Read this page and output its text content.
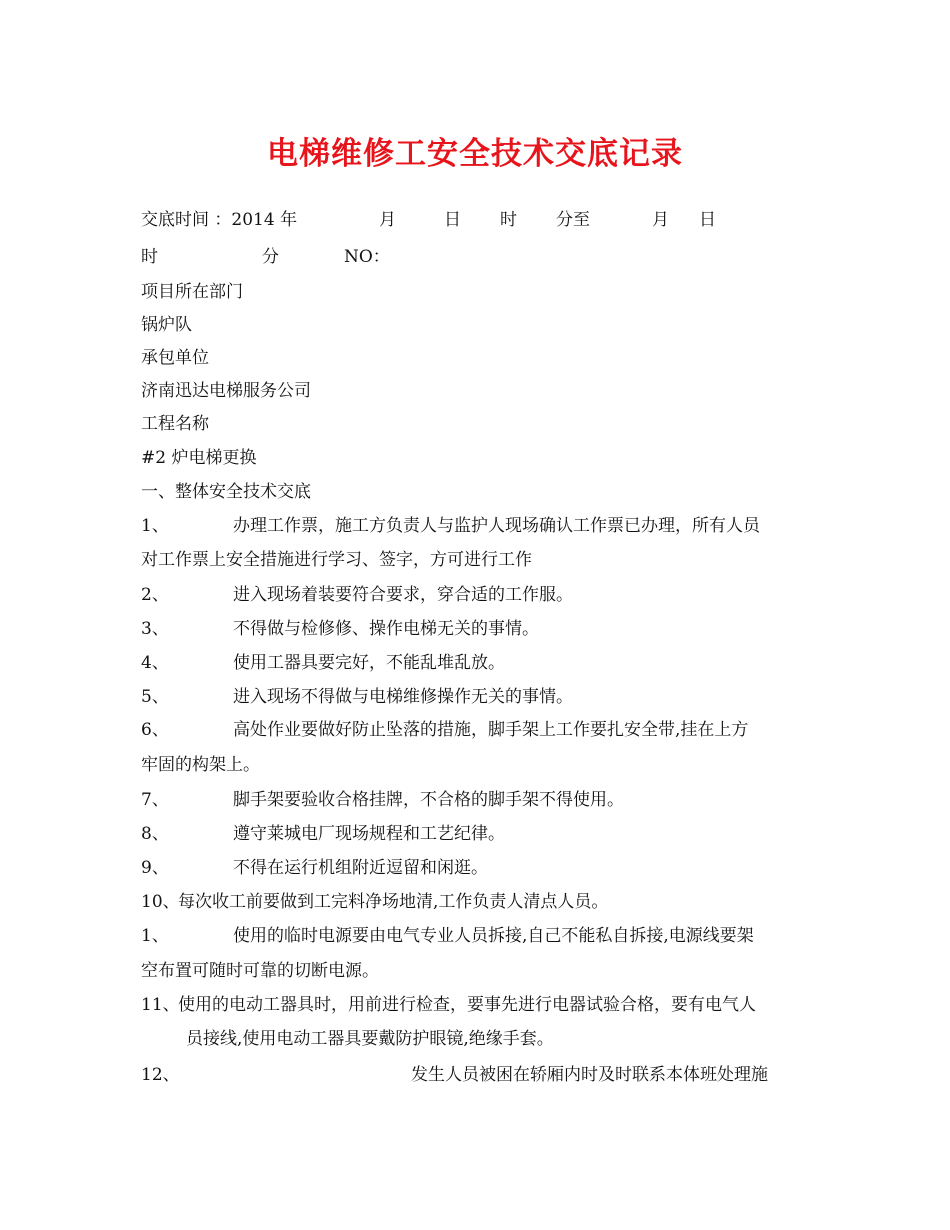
电梯维修工安全技术交底记录
交底时间 ：2014 年	月	日 时 分至	月 日
时	分	NO：
项目所在部门
锅炉队
承包单位
济南迅达电梯服务公司
工程名称
#2 炉电梯更换
一、整体安全技术交底
1、	办理工作票，施工方负责人与监护人现场确认工作票已办理，所有人员
对工作票上安全措施进行学习、签字，方可进行工作
2、	进入现场着装要符合要求，穿合适的工作服。
3、	不得做与检修修、操作电梯无关的事情。
4、	使用工器具要完好，不能乱堆乱放。
5、	进入现场不得做与电梯维修操作无关的事情。
6、	高处作业要做好防止坠落的措施，脚手架上工作要扎安全带,挂在上方
牢固的构架上。
7、	脚手架要验收合格挂牌，不合格的脚手架不得使用。
8、	遵守莱城电厂现场规程和工艺纪律。
9、	不得在运行机组附近逗留和闲逛。
10、
每次收工前要做到工完料净场地清,工作负责人清点人员。
1、	使用的临时电源要由电气专业人员拆接,自己不能私自拆接,电源线要架
空布置可随时可靠的切断电源。
11、
使用的电动工器具时，用前进行检查，要事先进行电器试验合格，要有电气人
员接线,使用电动工器具要戴防护眼镜,绝缘手套。
12、	发生人员被困在轿厢内时及时联系本体班处理施
